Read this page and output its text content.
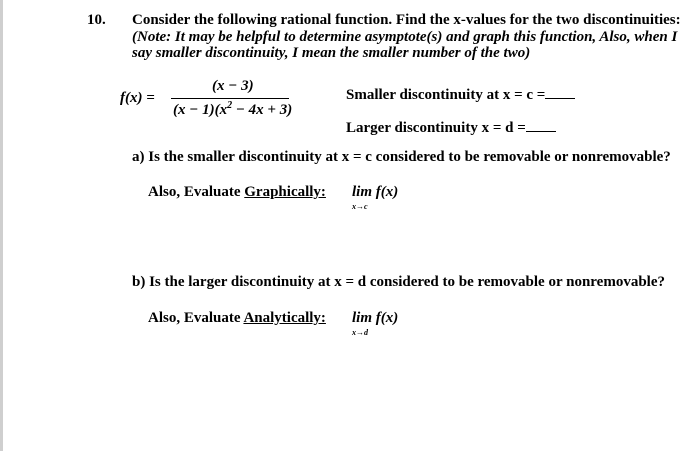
10. Consider the following rational function. Find the x-values for the two discontinuities:
(Note: It may be helpful to determine asymptote(s) and graph this function, Also, when I
say smaller discontinuity, I mean the smaller number of the two)
f(x) =
(x − 3)
$(x - 1)(x^2 - 4x + 3)$
Smaller discontinuity at x = c =
Larger discontinuity x = d =
a) Is the smaller discontinuity at x = c considered to be removable or nonremovable?
Also, Evaluate Graphically: lim f(x)
x→c
b) Is the larger discontinuity at x = d considered to be removable or nonremovable?
Also, Evaluate Analytically: lim f(x)
x→d
